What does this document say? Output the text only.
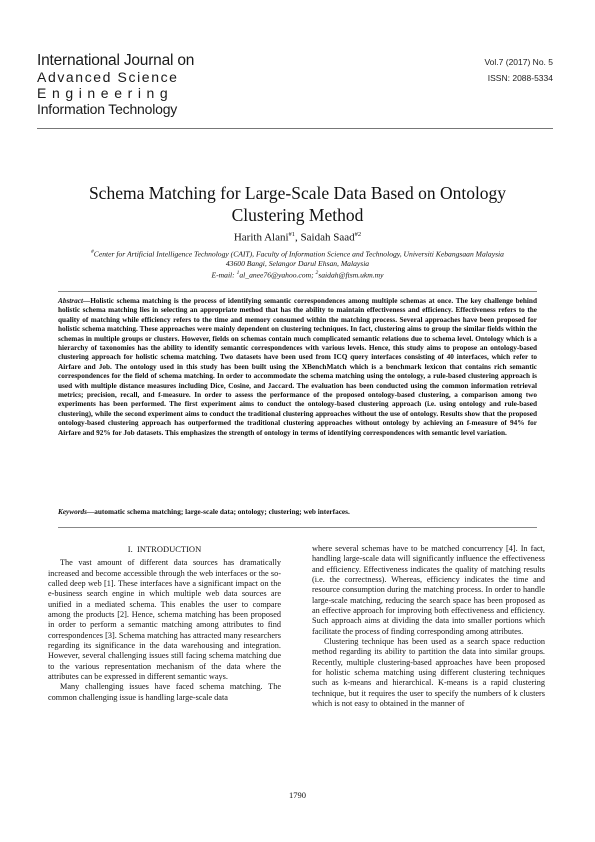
International Journal on
Advanced Science
Engineering
Information Technology
Vol.7 (2017) No. 5
ISSN: 2088-5334
Schema Matching for Large-Scale Data Based on Ontology Clustering Method
Harith Alani$^{\#1}$, Saidah Saad$^{\#2}$
#Center for Artificial Intelligence Technology (CAIT), Faculty of Information Science and Technology, Universiti Kebangsaan Malaysia
43600 Bangi, Selangor Darul Ehsan, Malaysia
E-mail: $^1$al_anee76@yahoo.com; $^2$saidah@ftsm.ukm.my

Abstract—Holistic schema matching is the process of identifying semantic correspondences among multiple schemas at once. The key challenge behind holistic schema matching lies in selecting an appropriate method that has the ability to maintain effectiveness and efficiency. Effectiveness refers to the quality of matching while efficiency refers to the time and memory consumed within the matching process. Several approaches have been proposed for holistic schema matching. These approaches were mainly dependent on clustering techniques. In fact, clustering aims to group the similar fields within the schemas in multiple groups or clusters. However, fields on schemas contain much complicated semantic relations due to schema level. Ontology which is a hierarchy of taxonomies has the ability to identify semantic correspondences with various levels. Hence, this study aims to propose an ontology-based clustering approach for holistic schema matching. Two datasets have been used from ICQ query interfaces consisting of 40 interfaces, which refer to Airfare and Job. The ontology used in this study has been built using the XBenchMatch which is a benchmark lexicon that contains rich semantic correspondences for the field of schema matching. In order to accommodate the schema matching using the ontology, a rule-based clustering approach is used with multiple distance measures including Dice, Cosine, and Jaccard. The evaluation has been conducted using the common information retrieval metrics; precision, recall, and f-measure. In order to assess the performance of the proposed ontology-based clustering, a comparison among two experiments has been performed. The first experiment aims to conduct the ontology-based clustering approach (i.e. using ontology and rule-based clustering), while the second experiment aims to conduct the traditional clustering approaches without the use of ontology. Results show that the proposed ontology-based clustering approach has outperformed the traditional clustering approaches without ontology by achieving an f-measure of 94% for Airfare and 92% for Job datasets. This emphasizes the strength of ontology in terms of identifying correspondences with semantic level variation.

Keywords—automatic schema matching; large-scale data; ontology; clustering; web interfaces.

I. INTRODUCTION

The vast amount of different data sources has dramatically increased and become accessible through the web interfaces or the so-called deep web [1]. These interfaces have a significant impact on the e-business search engine in which multiple web data sources are unified in a mediated schema. This enables the user to compare among the products [2]. Hence, schema matching has been proposed in order to perform a semantic matching among attributes to find correspondences [3]. Schema matching has attracted many researchers regarding its significance in the data warehousing and integration. However, several challenging issues still facing schema matching due to the various representation mechanism of the data where the attributes can be expressed in different semantic ways.

Many challenging issues have faced schema matching. The common challenging issue is handling large-scale data

where several schemas have to be matched concurrency [4]. In fact, handling large-scale data will significantly influence the effectiveness and efficiency. Effectiveness indicates the quality of matching results (i.e. the correctness). Whereas, efficiency indicates the time and resource consumption during the matching process. In order to handle large-scale matching, reducing the search space has been proposed as an effective approach for improving both effectiveness and efficiency. Such approach aims at dividing the data into smaller portions which facilitate the process of finding corresponding among attributes.

Clustering technique has been used as a search space reduction method regarding its ability to partition the data into similar groups. Recently, multiple clustering-based approaches have been proposed for holistic schema matching using different clustering techniques such as k-means and hierarchical. K-means is a rapid clustering technique, but it requires the user to specify the numbers of k clusters which is not easy to obtained in the manner of

1790
